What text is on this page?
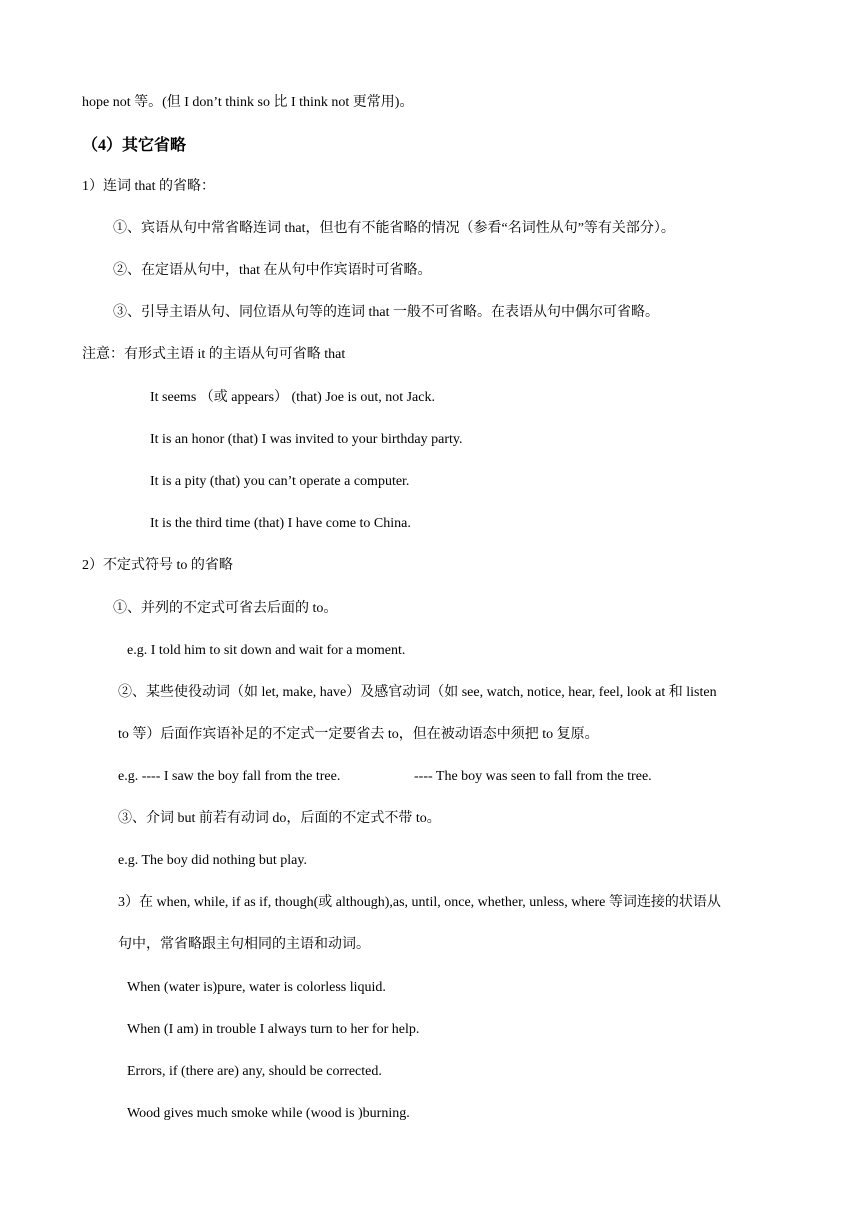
hope not 等。(但 I don’t think so 比 I think not 更常用)。
（4）其它省略
1）连词 that 的省略：
①、宾语从句中常省略连词 that，但也有不能省略的情况（参看“名词性从句”等有关部分）。
②、在定语从句中，that 在从句中作宾语时可省略。
③、引导主语从句、同位语从句等的连词 that 一般不可省略。在表语从句中偶尔可省略。
注意：有形式主语 it 的主语从句可省略 that
It seems （或 appears） (that) Joe is out, not Jack.
It is an honor (that) I was invited to your birthday party.
It is a pity (that) you can’t operate a computer.
It is the third time (that) I have come to China.
2）不定式符号 to 的省略
①、并列的不定式可省去后面的 to。
e.g. I told him to sit down and wait for a moment.
②、某些使役动词（如 let, make, have）及感官动词（如 see, watch, notice, hear, feel, look at 和 listen
to 等）后面作宾语补足的不定式一定要省去 to，但在被动语态中须把 to 复原。
e.g. ---- I saw the boy fall from the tree.	---- The boy was seen to fall from the tree.
③、介词 but 前若有动词 do，后面的不定式不带 to。
e.g. The boy did nothing but play.
3）在 when, while, if as if, though(或 although),as, until, once, whether, unless, where 等词连接的状语从
句中，常省略跟主句相同的主语和动词。
When (water is)pure, water is colorless liquid.
When (I am) in trouble I always turn to her for help.
Errors, if (there are) any, should be corrected.
Wood gives much smoke while (wood is )burning.
